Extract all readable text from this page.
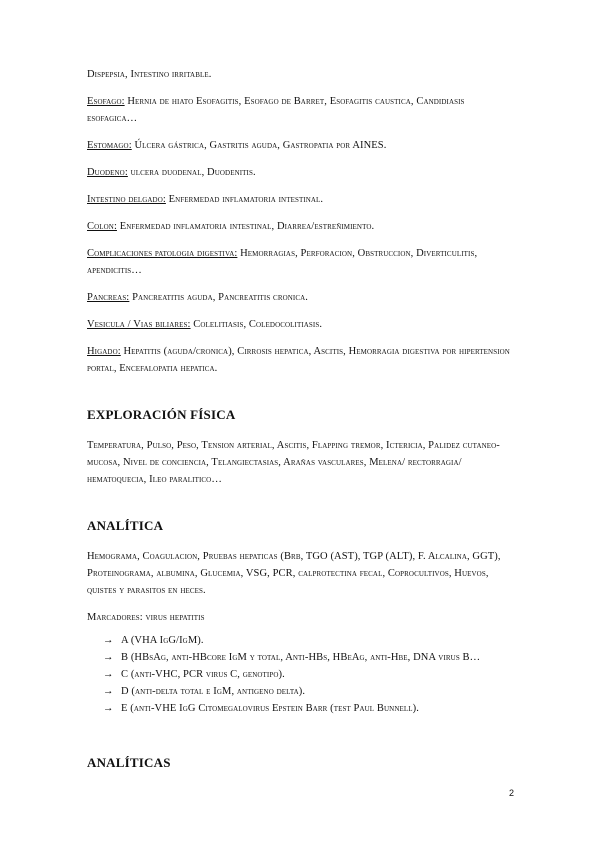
Dispepsia, Intestino irritable.

Esofago: Hernia de hiato Esofagitis, Esofago de Barret, Esofagitis caustica, Candidiasis esofagica…

Estomago: Úlcera gástrica, Gastritis aguda, Gastropatia por AINES.

Duodeno: ulcera duodenal, Duodenitis.

Intestino delgado: Enfermedad inflamatoria intestinal.

Colon: Enfermedad inflamatoria intestinal, Diarrea/estreñimiento.

Complicaciones patologia digestiva: Hemorragias, Perforacion, Obstruccion, Diverticulitis, apendicitis…

Pancreas: Pancreatitis aguda, Pancreatitis cronica.

Vesicula / Vias biliares: Colelitiasis, Coledocolitiasis.

Higado: Hepatitis (aguda/cronica), Cirrosis hepatica, Ascitis, Hemorragia digestiva por hipertension portal, Encefalopatia hepatica.

EXPLORACIÓN FÍSICA

Temperatura, Pulso, Peso, Tension arterial, Ascitis, Flapping tremor, Ictericia, Palidez cutaneo-mucosa, Nivel de conciencia, Telangiectasias, Arañas vasculares, Melena/ rectorragia/ hematoquecia, Ileo paralitico…

ANALÍTICA

Hemograma, Coagulacion, Pruebas hepaticas (Brb, TGO (AST), TGP (ALT), F. Alcalina, GGT), Proteinograma, albumina, Glucemia, VSG, PCR, calprotectina fecal, Coprocultivos, Huevos, quistes y parasitos en heces.

Marcadores: virus hepatitis

→ A (VHA IgG/IgM).
→ B (HBsAg, anti-HBcore IgM y total, Anti-HBs, HBeAg, anti-Hbe, DNA virus B…
→ C (anti-VHC, PCR virus C, genotipo).
→ D (anti-delta total e IgM, antigeno delta).
→ E (anti-VHE IgG Citomegalovirus Epstein Barr (test Paul Bunnell).
ANALÍTICAS
2
